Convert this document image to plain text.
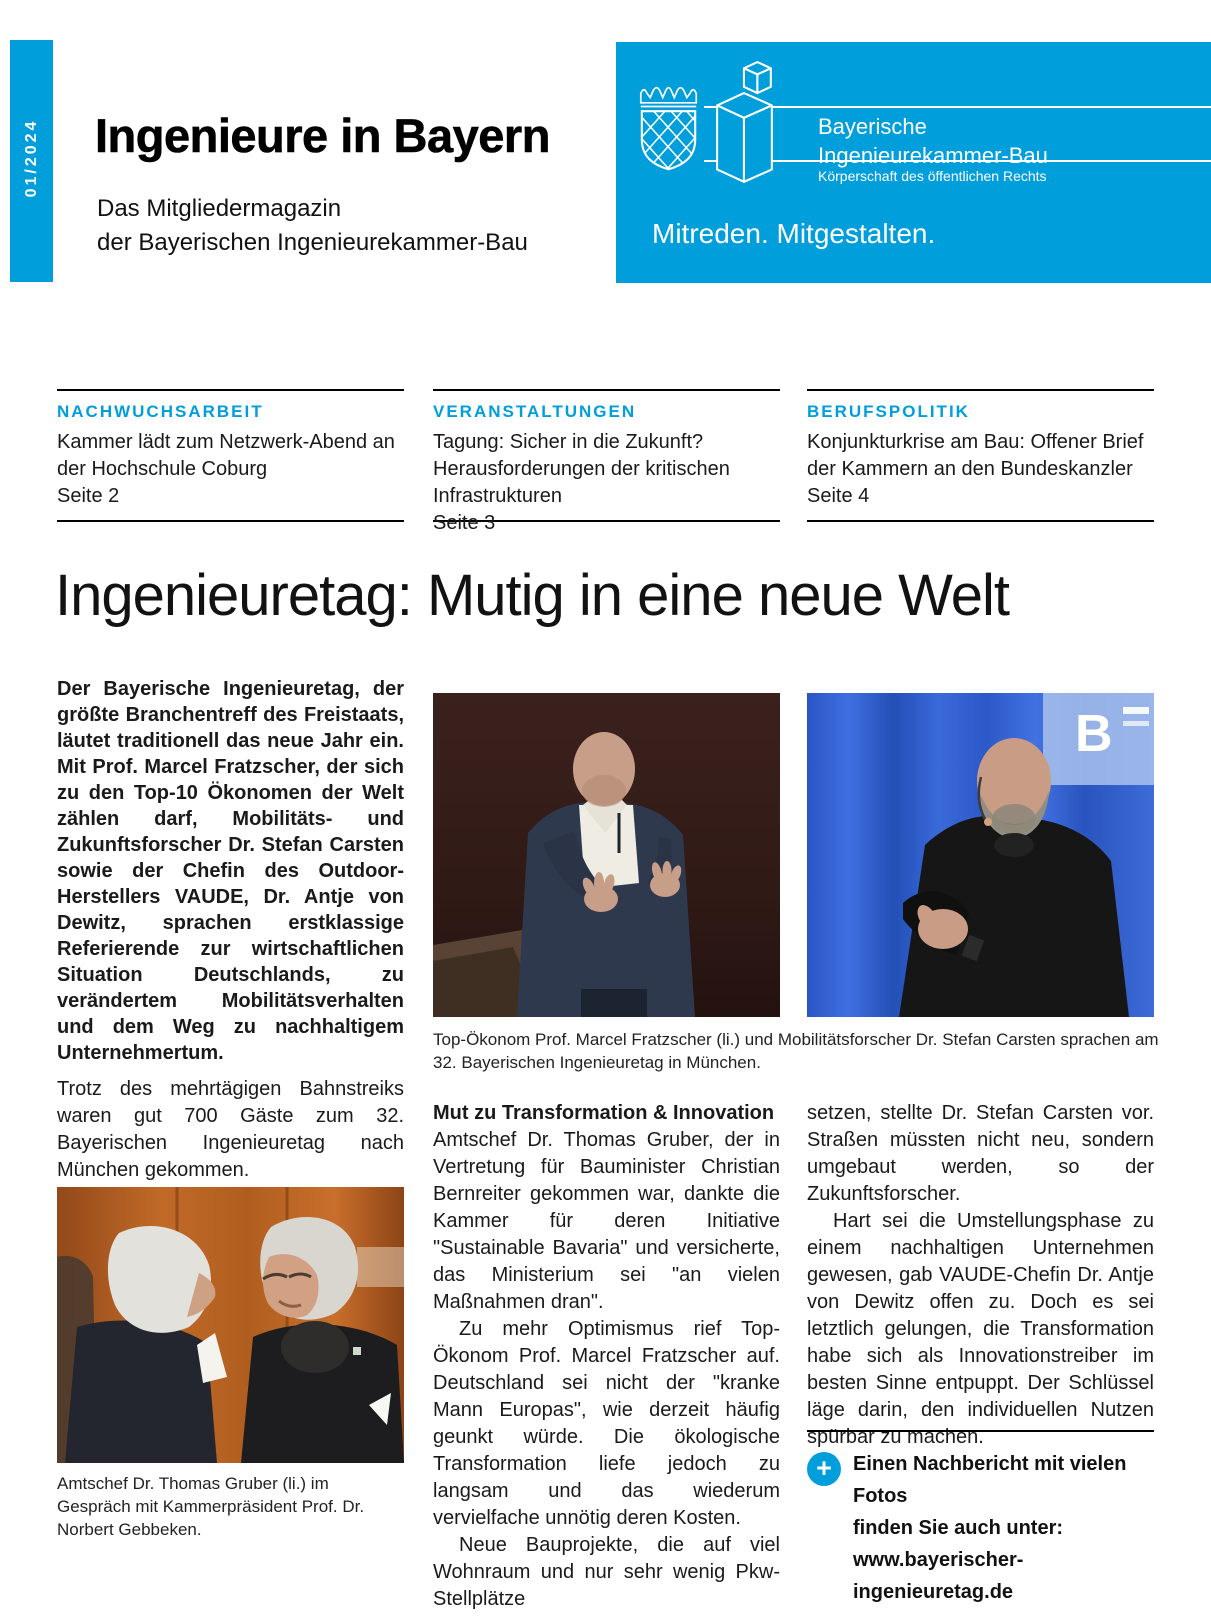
01/2024 Ingenieure in Bayern
Das Mitgliedermagazin
der Bayerischen Ingenieurekammer-Bau
Bayerische
Ingenieurekammer-Bau
Körperschaft des öffentlichen Rechts
Mitreden. Mitgestalten.
NACHWUCHSARBEIT
Kammer lädt zum Netzwerk-Abend an der Hochschule Coburg
Seite 2
VERANSTALTUNGEN
Tagung: Sicher in die Zukunft? Herausforderungen der kritischen Infrastrukturen
Seite 3
BERUFSPOLITIK
Konjunkturkrise am Bau: Offener Brief der Kammern an den Bundeskanzler
Seite 4
Ingenieuretag: Mutig in eine neue Welt
Der Bayerische Ingenieuretag, der größte Branchentreff des Freistaats, läutet traditionell das neue Jahr ein. Mit Prof. Marcel Fratzscher, der sich zu den Top-10 Ökonomen der Welt zählen darf, Mobilitäts- und Zukunftsforscher Dr. Stefan Carsten sowie der Chefin des Outdoor-Herstellers VAUDE, Dr. Antje von Dewitz, sprachen erstklassige Referierende zur wirtschaftlichen Situation Deutschlands, zu verändertem Mobilitätsverhalten und dem Weg zu nachhaltigem Unternehmertum.
Trotz des mehrtägigen Bahnstreiks waren gut 700 Gäste zum 32. Bayerischen Ingenieuretag nach München gekommen.
B
Top-Ökonom Prof. Marcel Fratzscher (li.) und Mobilitätsforscher Dr. Stefan Carsten sprachen am 32. Bayerischen Ingenieuretag in München.
Mut zu Transformation & Innovation

Amtschef Dr. Thomas Gruber, der in Vertretung für Bauminister Christian Bernreiter gekommen war, dankte die Kammer für deren Initiative "Sustainable Bavaria" und versicherte, das Ministerium sei "an vielen Maßnahmen dran".

Zu mehr Optimismus rief Top-Ökonom Prof. Marcel Fratzscher auf. Deutschland sei nicht der "kranke Mann Europas", wie derzeit häufig geunkt würde. Die ökologische Transformation liefe jedoch zu langsam und das wiederum vervielfache unnötig deren Kosten.

Neue Bauprojekte, die auf viel Wohnraum und nur sehr wenig Pkw-Stellplätze

setzen, stellte Dr. Stefan Carsten vor. Straßen müssten nicht neu, sondern umgebaut werden, so der Zukunftsforscher.

Hart sei die Umstellungsphase zu einem nachhaltigen Unternehmen gewesen, gab VAUDE-Chefin Dr. Antje von Dewitz offen zu. Doch es sei letztlich gelungen, die Transformation habe sich als Innovationstreiber im besten Sinne entpuppt. Der Schlüssel läge darin, den individuellen Nutzen spürbar zu machen.

Amtschef Dr. Thomas Gruber (li.) im Gespräch mit Kammerpräsident Prof. Dr. Norbert Gebbeken.
+	Einen Nachbericht mit vielen Fotos
finden Sie auch unter:
www.bayerischer-ingenieuretag.de
